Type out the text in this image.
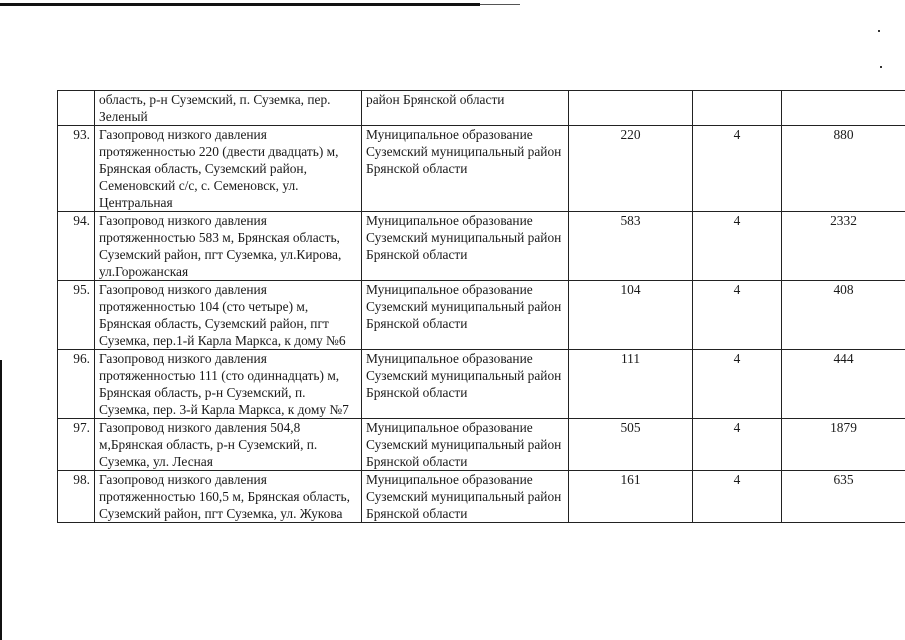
	область, р-н Суземский, п. Суземка, пер. Зеленый	район Брянской области			
93.	Газопровод низкого давления протяженностью 220 (двести двадцать) м, Брянская область, Суземский район, Семеновский с/с, с. Семеновск, ул. Центральная	Муниципальное образование Суземский муниципальный район Брянской области	220	4	880
94.	Газопровод низкого давления протяженностью 583 м, Брянская область, Суземский район, пгт Суземка, ул.Кирова, ул.Горожанская	Муниципальное образование Суземский муниципальный район Брянской области	583	4	2332
95.	Газопровод низкого давления протяженностью 104 (сто четыре) м, Брянская область, Суземский район, пгт Суземка, пер.1-й Карла Маркса, к дому №6	Муниципальное образование Суземский муниципальный район Брянской области	104	4	408
96.	Газопровод низкого давления протяженностью 111 (сто одиннадцать) м, Брянская область, р-н Суземский, п. Суземка, пер. 3-й Карла Маркса, к дому №7	Муниципальное образование Суземский муниципальный район Брянской области	111	4	444
97.	Газопровод низкого давления 504,8 м,Брянская область, р-н Суземский, п. Суземка, ул. Лесная	Муниципальное образование Суземский муниципальный район Брянской области	505	4	1879
98.	Газопровод низкого давления протяженностью 160,5 м, Брянская область, Суземский район, пгт Суземка, ул. Жукова	Муниципальное образование Суземский муниципальный район Брянской области	161	4	635
